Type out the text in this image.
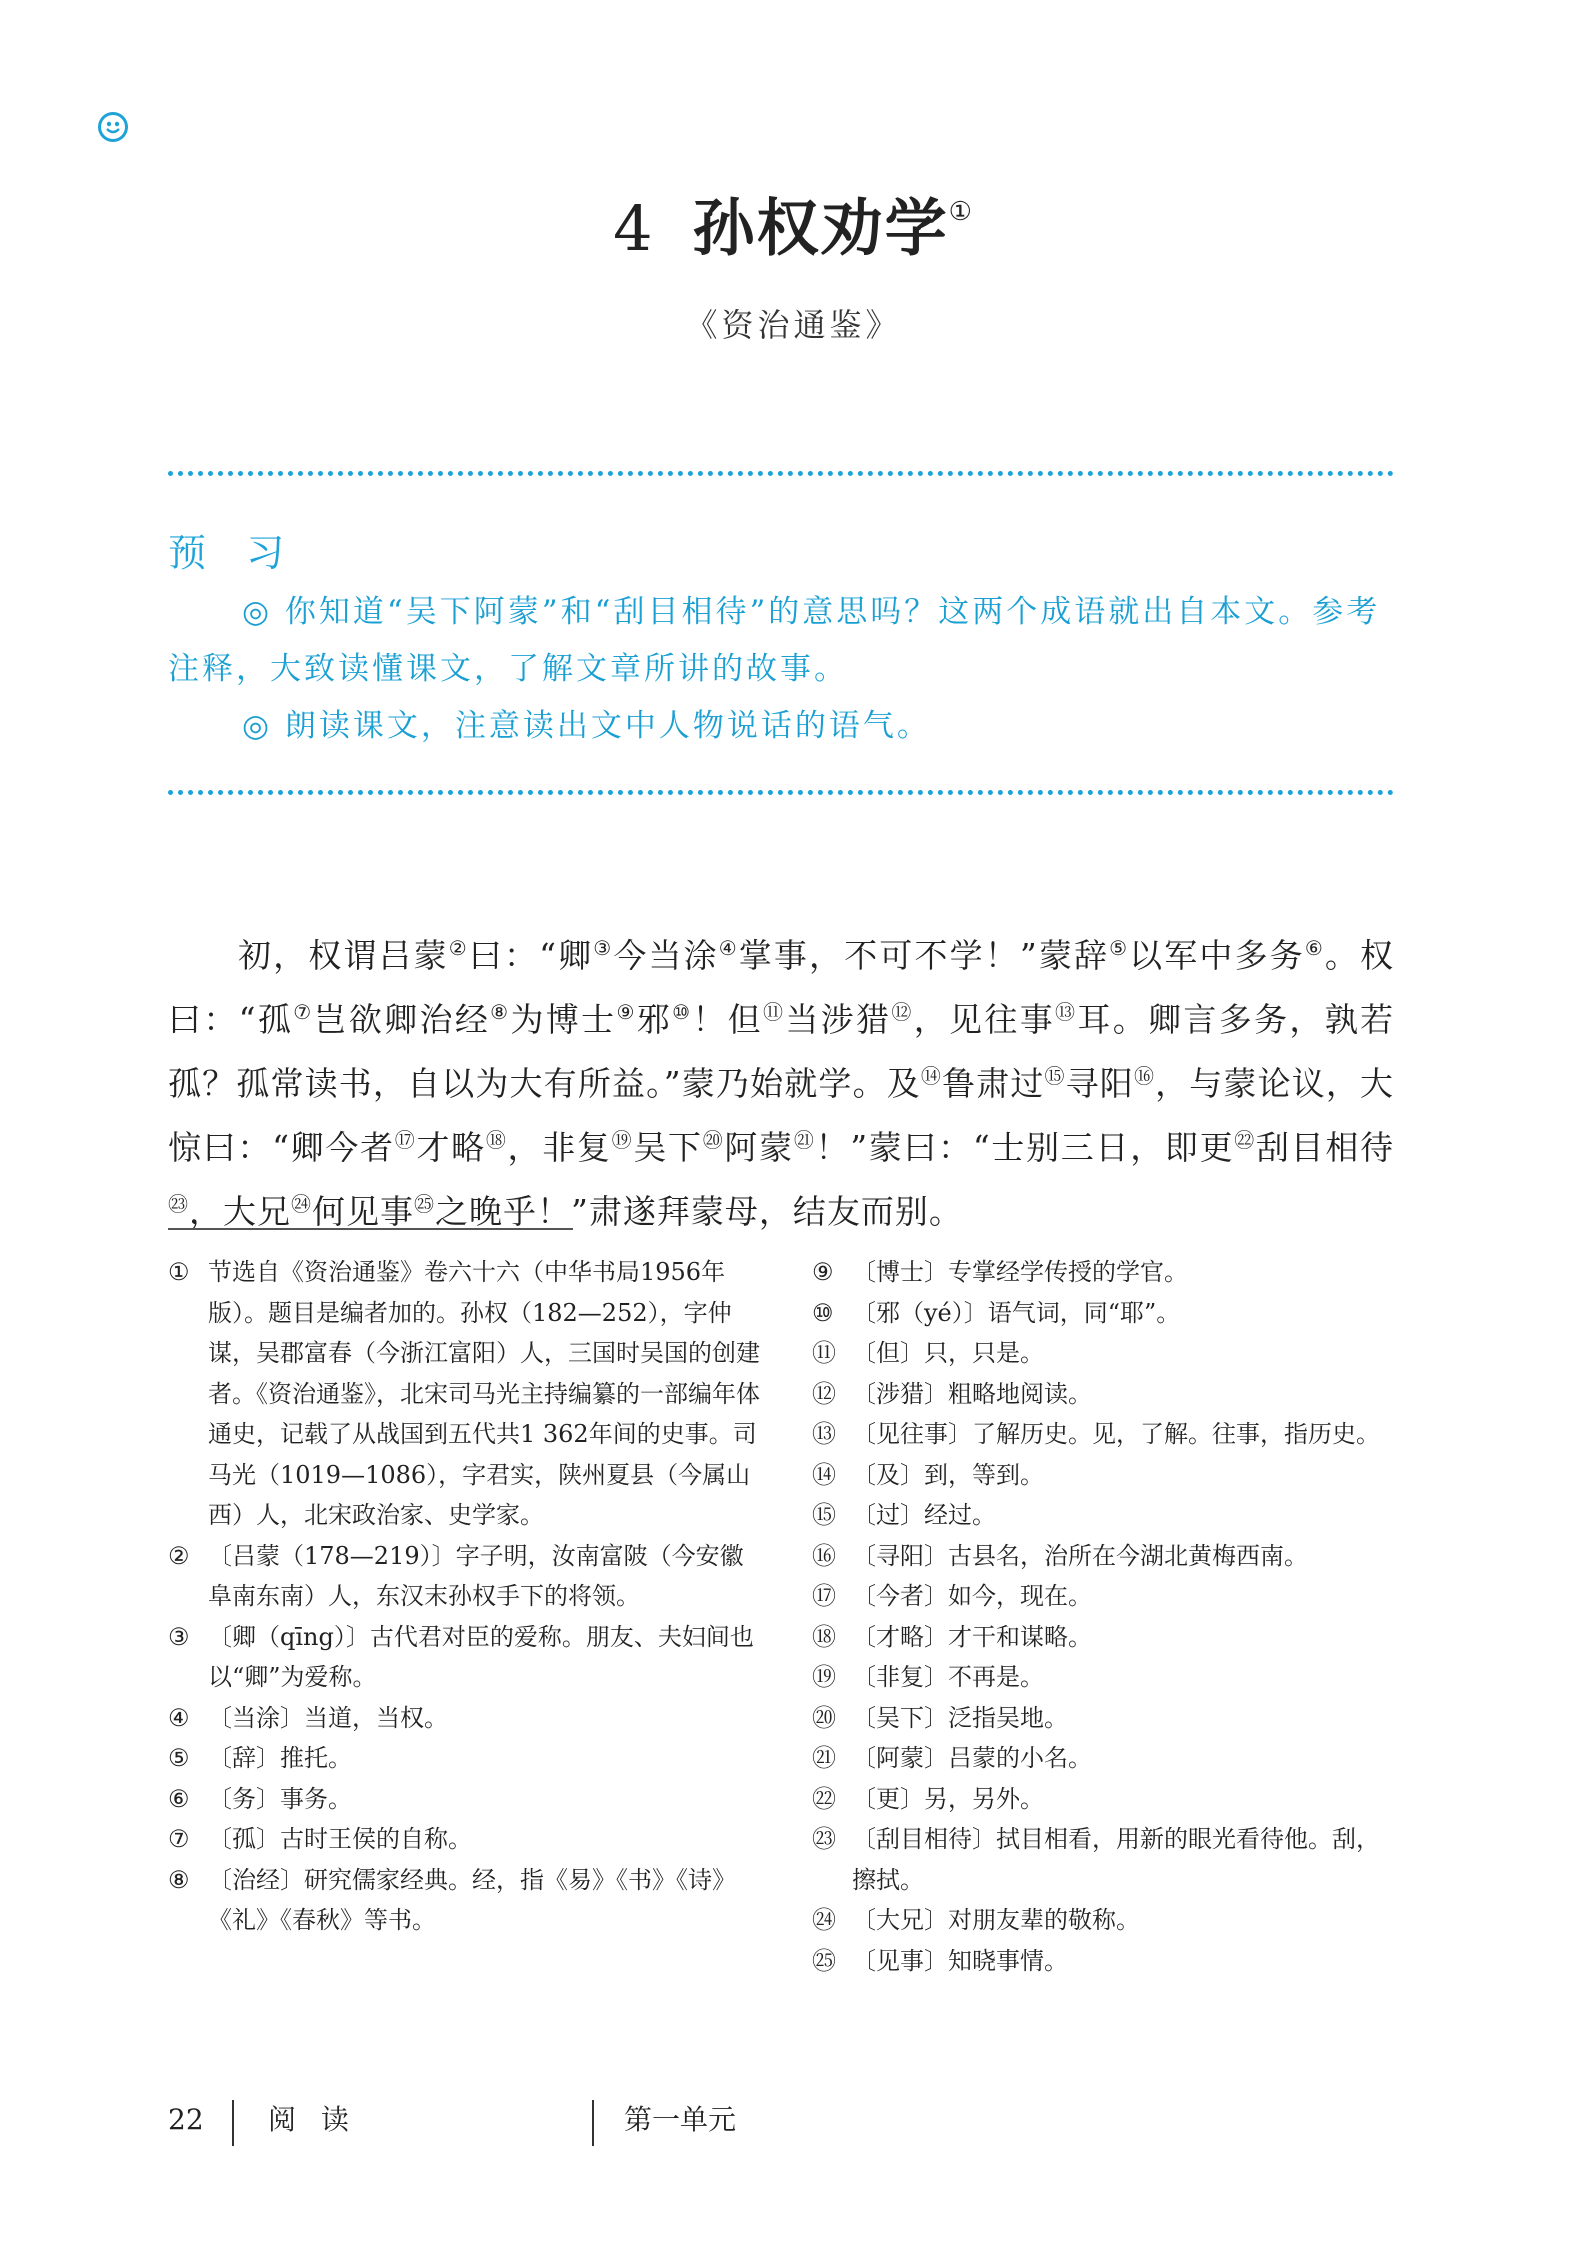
4 孙权劝学①
《资治通鉴》
预 习

◎ 你知道“吴下阿蒙”和“刮目相待”的意思吗？这两个成语就出自本文。参考注释，大致读懂课文，了解文章所讲的故事。

◎ 朗读课文，注意读出文中人物说话的语气。

初，权谓吕蒙②曰：“卿③今当涂④掌事，不可不学！”蒙辞⑤以军中多务⑥。权曰：“孤⑦岂欲卿治经⑧为博士⑨邪⑩！但⑪当涉猎⑫，见往事⑬耳。卿言多务，孰若孤？孤常读书，自以为大有所益。”蒙乃始就学。及⑭鲁肃过⑮寻阳⑯，与蒙论议，大惊曰：“卿今者⑰才略⑱，非复⑲吴下⑳阿蒙$^㉑$！”蒙曰：“士别三日，即更$^㉒$刮目相待$^㉓$，大兄$^㉔$何见事$^㉕$之晚乎！”肃遂拜蒙母，结友而别。

① 节选自《资治通鉴》卷六十六（中华书局1956年版）。题目是编者加的。孙权（182—252），字仲谋，吴郡富春（今浙江富阳）人，三国时吴国的创建者。《资治通鉴》，北宋司马光主持编纂的一部编年体通史，记载了从战国到五代共1 362年间的史事。司马光（1019—1086），字君实，陕州夏县（今属山西）人，北宋政治家、史学家。
② 〔吕蒙（178—219）〕字子明，汝南富陂（今安徽阜南东南）人，东汉末孙权手下的将领。
③ 〔卿（qīng）〕古代君对臣的爱称。朋友、夫妇间也以“卿”为爱称。
④ 〔当涂〕当道，当权。
⑤ 〔辞〕推托。
⑥ 〔务〕事务。
⑦ 〔孤〕古时王侯的自称。
⑧ 〔治经〕研究儒家经典。经，指《易》《书》《诗》《礼》《春秋》等书。
⑨ 〔博士〕专掌经学传授的学官。
⑩ 〔邪（yé）〕语气词，同“耶”。
⑪ 〔但〕只，只是。
⑫ 〔涉猎〕粗略地阅读。
⑬ 〔见往事〕了解历史。见，了解。往事，指历史。
⑭ 〔及〕到，等到。
⑮ 〔过〕经过。
⑯ 〔寻阳〕古县名，治所在今湖北黄梅西南。
⑰ 〔今者〕如今，现在。
⑱ 〔才略〕才干和谋略。
⑲ 〔非复〕不再是。
⑳ 〔吴下〕泛指吴地。
㉑ 〔阿蒙〕吕蒙的小名。
㉒ 〔更〕另，另外。
㉓ 〔刮目相待〕拭目相看，用新的眼光看待他。刮，擦拭。
㉔ 〔大兄〕对朋友辈的敬称。
㉕ 〔见事〕知晓事情。
22 阅 读	第一单元
